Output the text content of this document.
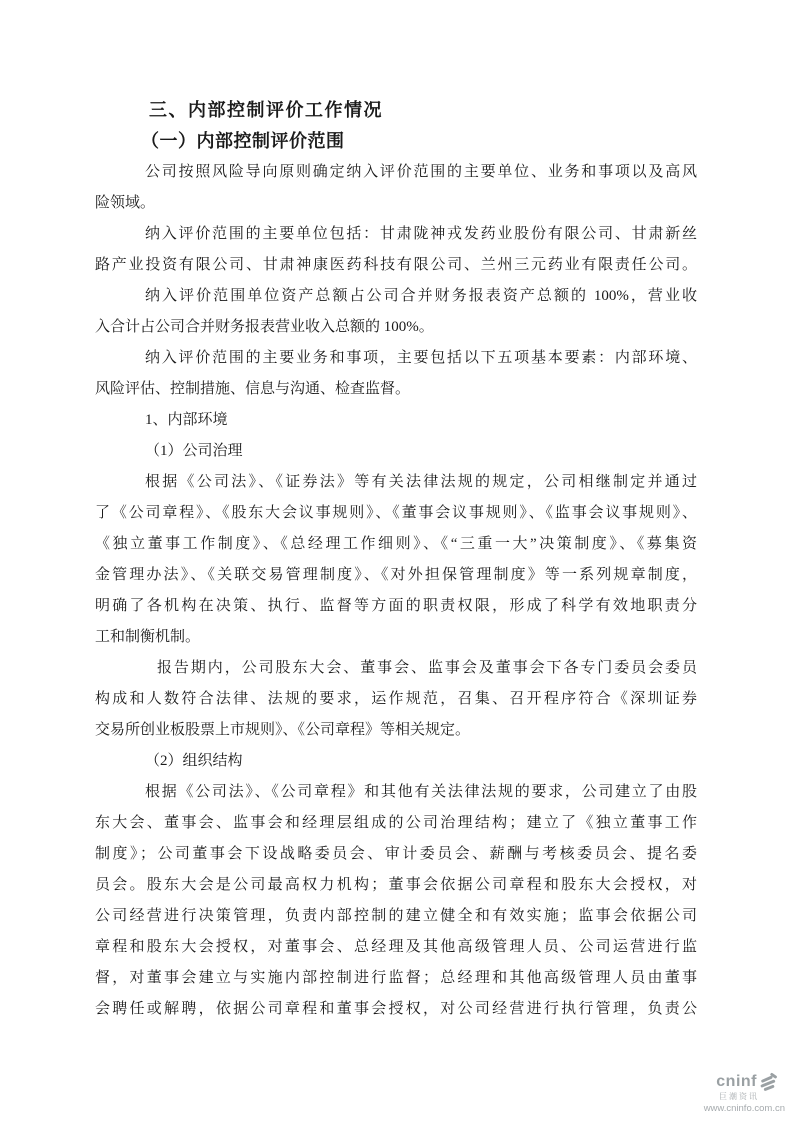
三、内部控制评价工作情况
（一）内部控制评价范围
公司按照风险导向原则确定纳入评价范围的主要单位、业务和事项以及高风
险领域。
纳入评价范围的主要单位包括：甘肃陇神戎发药业股份有限公司、甘肃新丝
路产业投资有限公司、甘肃神康医药科技有限公司、兰州三元药业有限责任公司。
纳入评价范围单位资产总额占公司合并财务报表资产总额的 100%，营业收
入合计占公司合并财务报表营业收入总额的 100%。
纳入评价范围的主要业务和事项，主要包括以下五项基本要素：内部环境、
风险评估、控制措施、信息与沟通、检查监督。
1、内部环境
（1）公司治理
根据《公司法》、《证券法》等有关法律法规的规定，公司相继制定并通过
了《公司章程》、《股东大会议事规则》、《董事会议事规则》、《监事会议事规则》、
《独立董事工作制度》、《总经理工作细则》、《“三重一大”决策制度》、《募集资
金管理办法》、《关联交易管理制度》、《对外担保管理制度》等一系列规章制度，
明确了各机构在决策、执行、监督等方面的职责权限，形成了科学有效地职责分
工和制衡机制。
报告期内，公司股东大会、董事会、监事会及董事会下各专门委员会委员
构成和人数符合法律、法规的要求，运作规范，召集、召开程序符合《深圳证券
交易所创业板股票上市规则》、《公司章程》等相关规定。
（2）组织结构
根据《公司法》、《公司章程》和其他有关法律法规的要求，公司建立了由股
东大会、董事会、监事会和经理层组成的公司治理结构；建立了《独立董事工作
制度》；公司董事会下设战略委员会、审计委员会、薪酬与考核委员会、提名委
员会。股东大会是公司最高权力机构；董事会依据公司章程和股东大会授权，对
公司经营进行决策管理，负责内部控制的建立健全和有效实施；监事会依据公司
章程和股东大会授权，对董事会、总经理及其他高级管理人员、公司运营进行监
督，对董事会建立与实施内部控制进行监督；总经理和其他高级管理人员由董事
会聘任或解聘，依据公司章程和董事会授权，对公司经营进行执行管理，负责公
cninf
巨潮资讯
www.cninfo.com.cn
